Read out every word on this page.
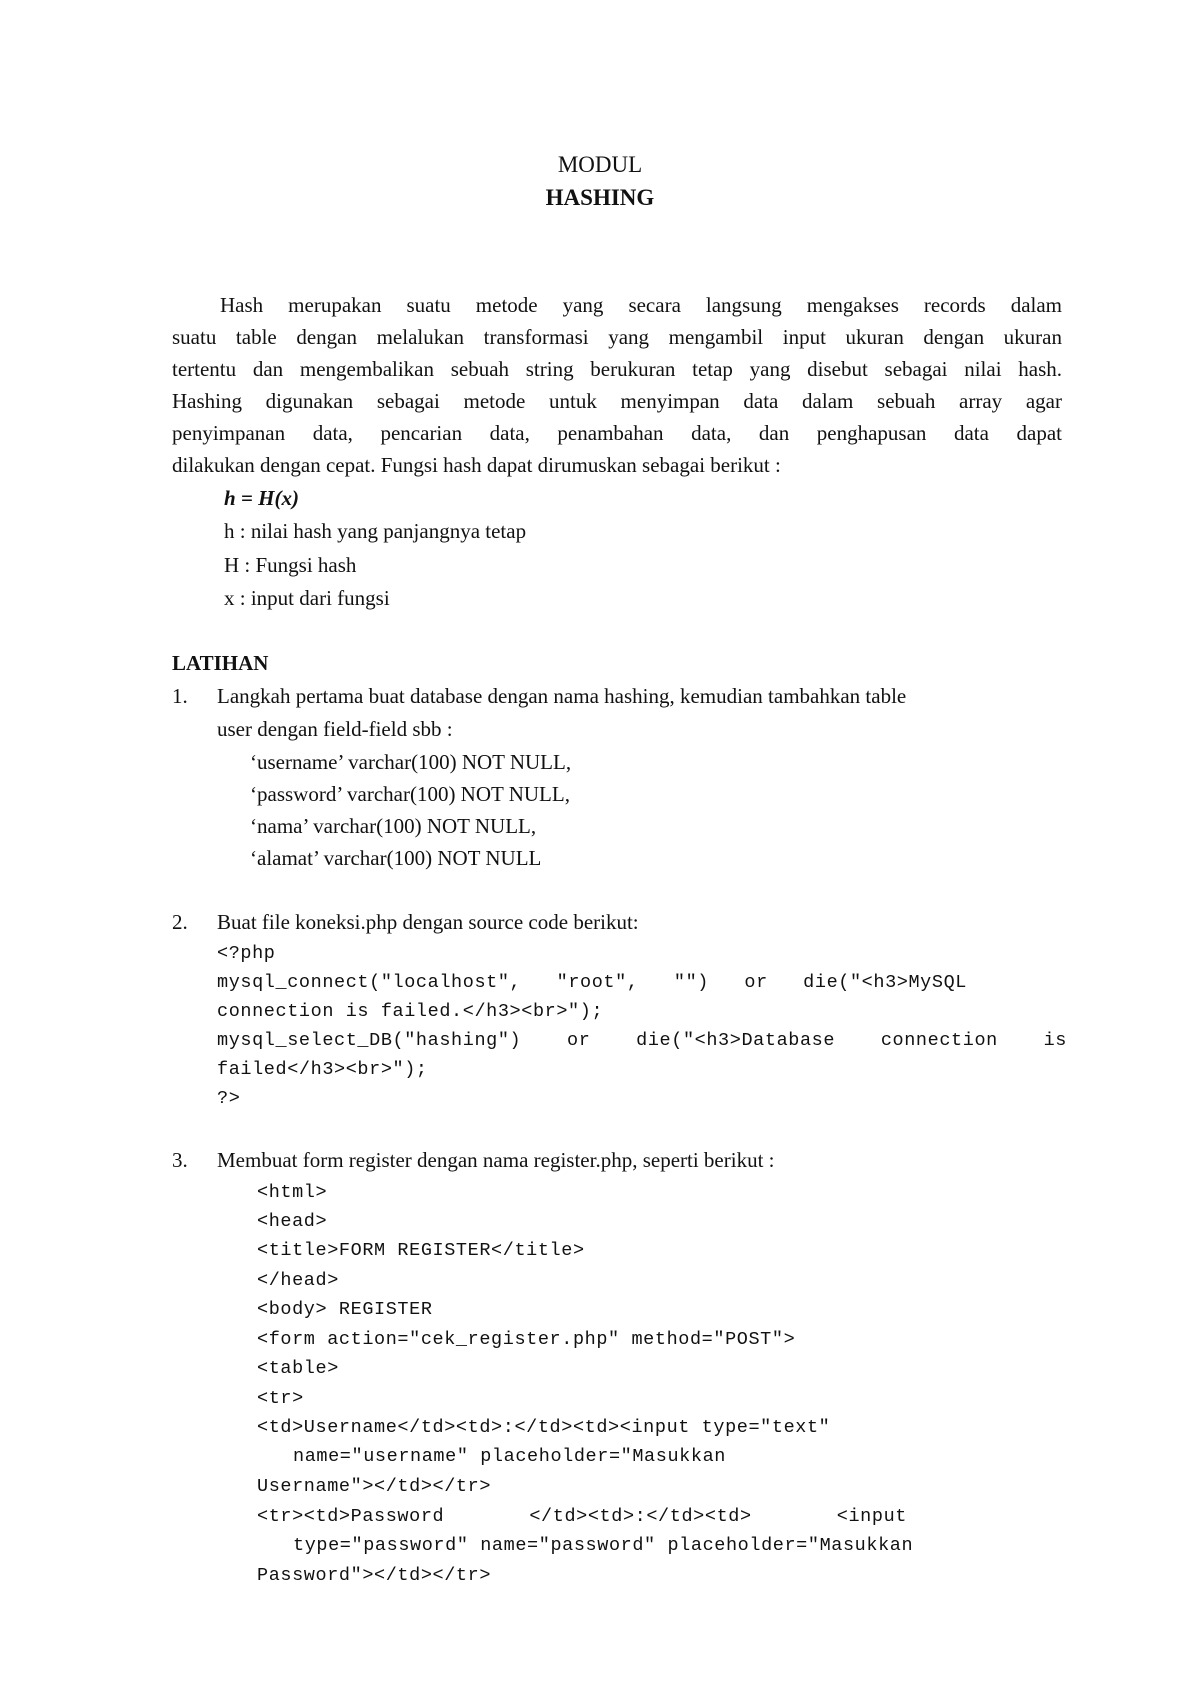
MODUL
HASHING
Hash merupakan suatu metode yang secara langsung mengakses records dalam
suatu table dengan melalukan transformasi yang mengambil input ukuran dengan ukuran
tertentu dan mengembalikan sebuah string berukuran tetap yang disebut sebagai nilai hash.
Hashing digunakan sebagai metode untuk menyimpan data dalam sebuah array agar
penyimpanan data, pencarian data, penambahan data, dan penghapusan data dapat
dilakukan dengan cepat. Fungsi hash dapat dirumuskan sebagai berikut :
h = H(x)
h : nilai hash yang panjangnya tetap
H : Fungsi hash
x : input dari fungsi
LATIHAN
1. Langkah pertama buat database dengan nama hashing, kemudian tambahkan table
user dengan field-field sbb :
‘username’ varchar(100) NOT NULL,
‘password’ varchar(100) NOT NULL,
‘nama’ varchar(100) NOT NULL,
‘alamat’ varchar(100) NOT NULL
2. Buat file koneksi.php dengan source code berikut:
<?php
mysql_connect("localhost", "root", "") or die("<h3>MySQL
connection is failed.</h3><br>");
mysql_select_DB("hashing") or die("<h3>Database connection is
failed</h3><br>");
?>
3. Membuat form register dengan nama register.php, seperti berikut :
<html>
<head>
<title>FORM REGISTER</title>
</head>
<body> REGISTER
<form action="cek_register.php" method="POST">
<table>
<tr>
<td>Username</td><td>:</td><td><input type="text"
name="username" placeholder="Masukkan
Username"></td></tr>
<tr><td>Password </td><td>:</td><td> <input
type="password" name="password" placeholder="Masukkan
Password"></td></tr>
